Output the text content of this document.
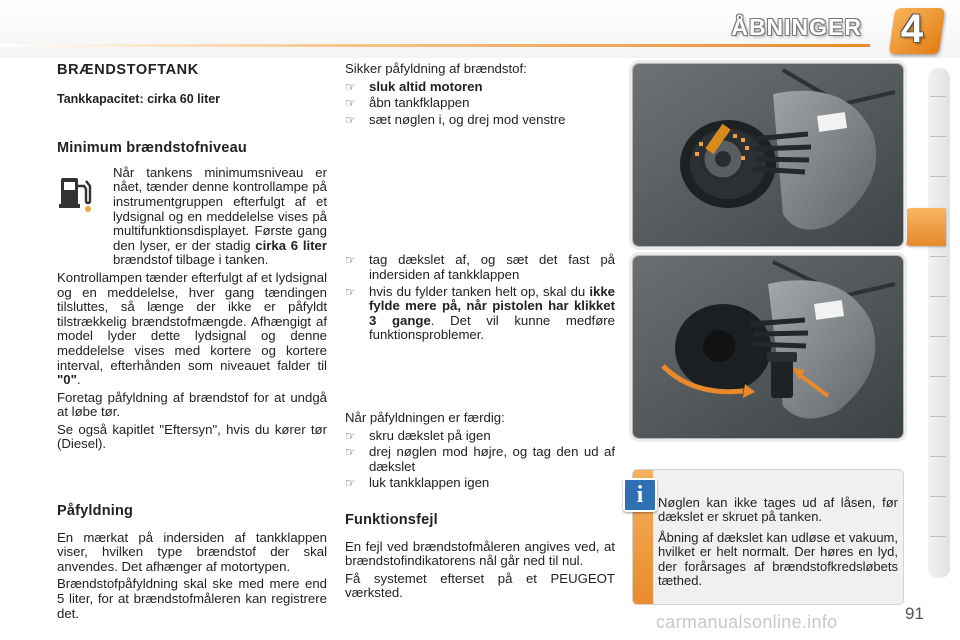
ÅBNINGER 4
BRÆNDSTOFTANK
Tankkapacitet: cirka 60 liter
Minimum brændstofniveau

Når tankens minimumsniveau er nået, tænder denne kontrollampe på instrumentgruppen efterfulgt af et lydsignal og en meddelelse vises på multifunktionsdisplayet. Første gang den lyser, er der stadig cirka 6 liter brændstof tilbage i tanken.

Kontrollampen tænder efterfulgt af et lydsignal og en meddelelse, hver gang tændingen tilsluttes, så længe der ikke er påfyldt tilstrækkelig brændstofmængde. Afhængigt af model lyder dette lydsignal og denne meddelelse vises med kortere og kortere interval, efterhånden som niveauet falder til "0".

Foretag påfyldning af brændstof for at undgå at løbe tør.

Se også kapitlet "Eftersyn", hvis du kører tør (Diesel).

Påfyldning

En mærkat på indersiden af tankklappen viser, hvilken type brændstof der skal anvendes. Det afhænger af motortypen.

Brændstofpåfyldning skal ske med mere end 5 liter, for at brændstofmåleren kan registrere det.

Sikker påfyldning af brændstof:

☞ sluk altid motoren
☞ åbn tankfklappen
☞ sæt nøglen i, og drej mod venstre
☞ tag dækslet af, og sæt det fast på indersiden af tankklappen
☞ hvis du fylder tanken helt op, skal du ikke fylde mere på, når pistolen har klikket 3 gange. Det vil kunne medføre funktionsproblemer.

Når påfyldningen er færdig:

☞ skru dækslet på igen
☞ drej nøglen mod højre, og tag den ud af dækslet
☞ luk tankklappen igen
Funktionsfejl

En fejl ved brændstofmåleren angives ved, at brændstofindikatorens nål går ned til nul.

Få systemet efterset på et PEUGEOT værksted.

i	Nøglen kan ikke tages ud af låsen, før dækslet er skruet på tanken.

Åbning af dækslet kan udløse et vakuum, hvilket er helt normalt. Der høres en lyd, der forårsages af brændstofkredsløbets tæthed.

91
carmanualsonline.info
